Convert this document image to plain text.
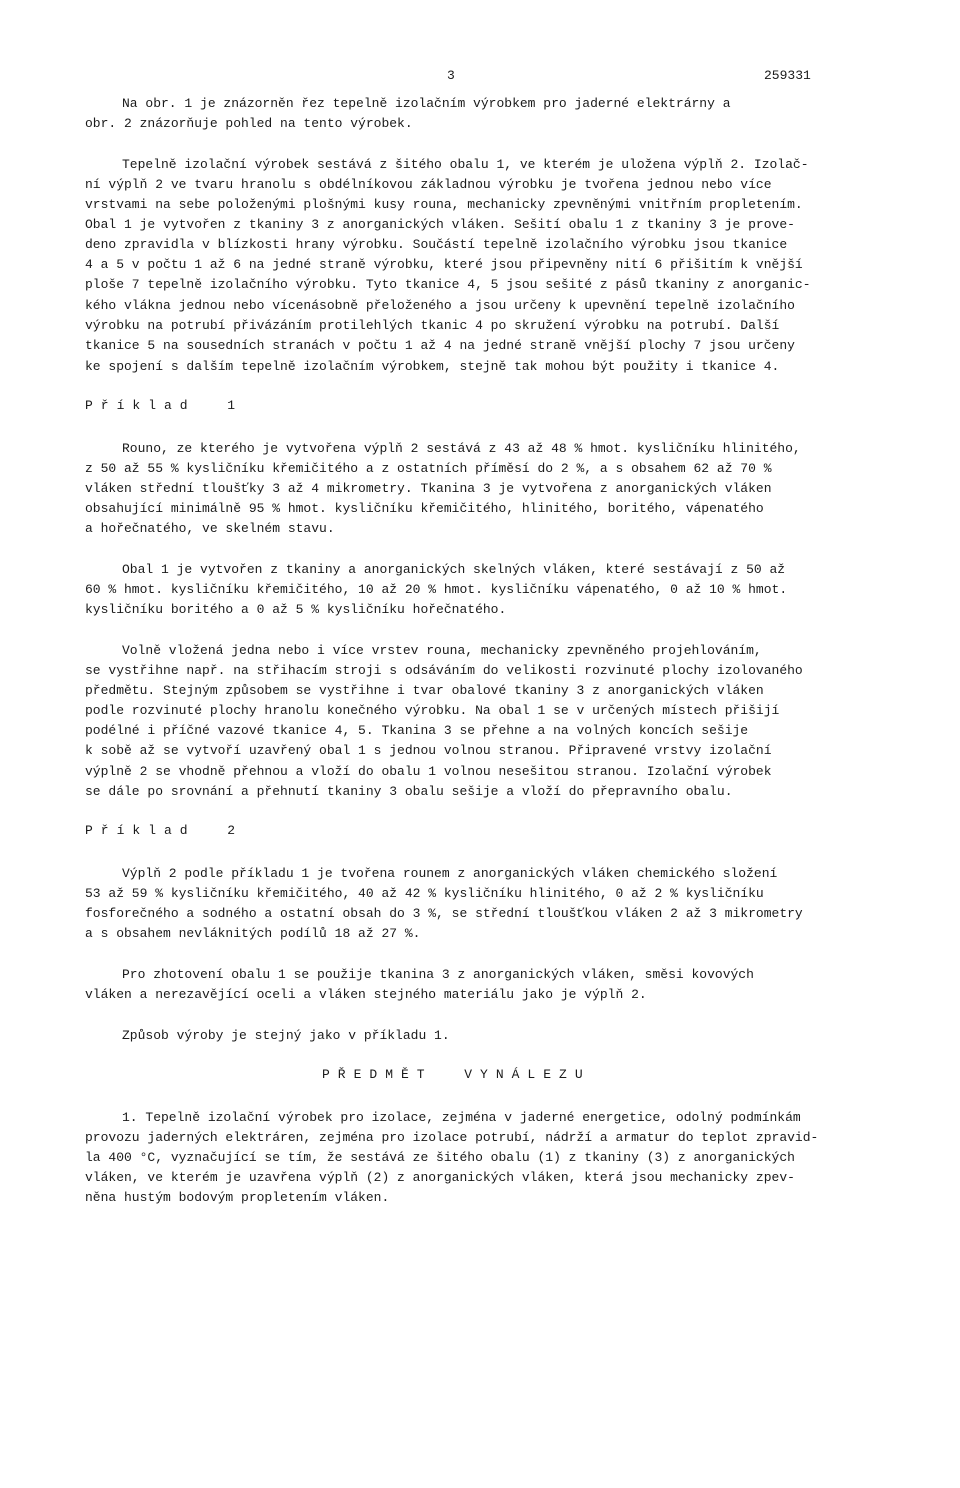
3	259331
Na obr. 1 je znázorněn řez tepelně izolačním výrobkem pro jaderné elektrárny a
obr. 2 znázorňuje pohled na tento výrobek.
Tepelně izolační výrobek sestává z šitého obalu 1, ve kterém je uložena výplň 2. Izolač-
ní výplň 2 ve tvaru hranolu s obdélníkovou základnou výrobku je tvořena jednou nebo více
vrstvami na sebe položenými plošnými kusy rouna, mechanicky zpevněnými vnitřním propletením.
Obal 1 je vytvořen z tkaniny 3 z anorganických vláken. Sešití obalu 1 z tkaniny 3 je prove-
deno zpravidla v blízkosti hrany výrobku. Součástí tepelně izolačního výrobku jsou tkanice
4 a 5 v počtu 1 až 6 na jedné straně výrobku, které jsou připevněny nití 6 přišitím k vnější
ploše 7 tepelně izolačního výrobku. Tyto tkanice 4, 5 jsou sešité z pásů tkaniny z anorganic-
kého vlákna jednou nebo vícenásobně přeloženého a jsou určeny k upevnění tepelně izolačního
výrobku na potrubí přivázáním protilehlých tkanic 4 po skružení výrobku na potrubí. Další
tkanice 5 na sousedních stranách v počtu 1 až 4 na jedné straně vnější plochy 7 jsou určeny
ke spojení s dalším tepelně izolačním výrobkem, stejně tak mohou být použity i tkanice 4.
Příklad  1
Rouno, ze kterého je vytvořena výplň 2 sestává z 43 až 48 % hmot. kysličníku hlinitého,
z 50 až 55 % kysličníku křemičitého a z ostatních příměsí do 2 %, a s obsahem 62 až 70 %
vláken střední tloušťky 3 až 4 mikrometry. Tkanina 3 je vytvořena z anorganických vláken
obsahující minimálně 95 % hmot. kysličníku křemičitého, hlinitého, boritého, vápenatého
a hořečnatého, ve skelném stavu.
Obal 1 je vytvořen z tkaniny a anorganických skelných vláken, které sestávají z 50 až
60 % hmot. kysličníku křemičitého, 10 až 20 % hmot. kysličníku vápenatého, 0 až 10 % hmot.
kysličníku boritého a 0 až 5 % kysličníku hořečnatého.
Volně vložená jedna nebo i více vrstev rouna, mechanicky zpevněného projehlováním,
se vystřihne např. na střihacím stroji s odsáváním do velikosti rozvinuté plochy izolovaného
předmětu. Stejným způsobem se vystřihne i tvar obalové tkaniny 3 z anorganických vláken
podle rozvinuté plochy hranolu konečného výrobku. Na obal 1 se v určených místech přišijí
podélné i příčné vazové tkanice 4, 5. Tkanina 3 se přehne a na volných koncích sešije
k sobě až se vytvoří uzavřený obal 1 s jednou volnou stranou. Připravené vrstvy izolační
výplně 2 se vhodně přehnou a vloží do obalu 1 volnou nesešitou stranou. Izolační výrobek
se dále po srovnání a přehnutí tkaniny 3 obalu sešije a vloží do přepravního obalu.
Příklad  2
Výplň 2 podle příkladu 1 je tvořena rounem z anorganických vláken chemického složení
53 až 59 % kysličníku křemičitého, 40 až 42 % kysličníku hlinitého, 0 až 2 % kysličníku
fosforečného a sodného a ostatní obsah do 3 %, se střední tloušťkou vláken 2 až 3 mikrometry
a s obsahem nevláknitých podílů 18 až 27 %.
Pro zhotovení obalu 1 se použije tkanina 3 z anorganických vláken, směsi kovových
vláken a nerezavějící oceli a vláken stejného materiálu jako je výplň 2.
Způsob výroby je stejný jako v příkladu 1.
PŘEDMĚT  VYNÁLEZU
1. Tepelně izolační výrobek pro izolace, zejména v jaderné energetice, odolný podmínkám
provozu jaderných elektráren, zejména pro izolace potrubí, nádrží a armatur do teplot zpravid-
la 400 °C, vyznačující se tím, že sestává ze šitého obalu (1) z tkaniny (3) z anorganických
vláken, ve kterém je uzavřena výplň (2) z anorganických vláken, která jsou mechanicky zpev-
něna hustým bodovým propletením vláken.
